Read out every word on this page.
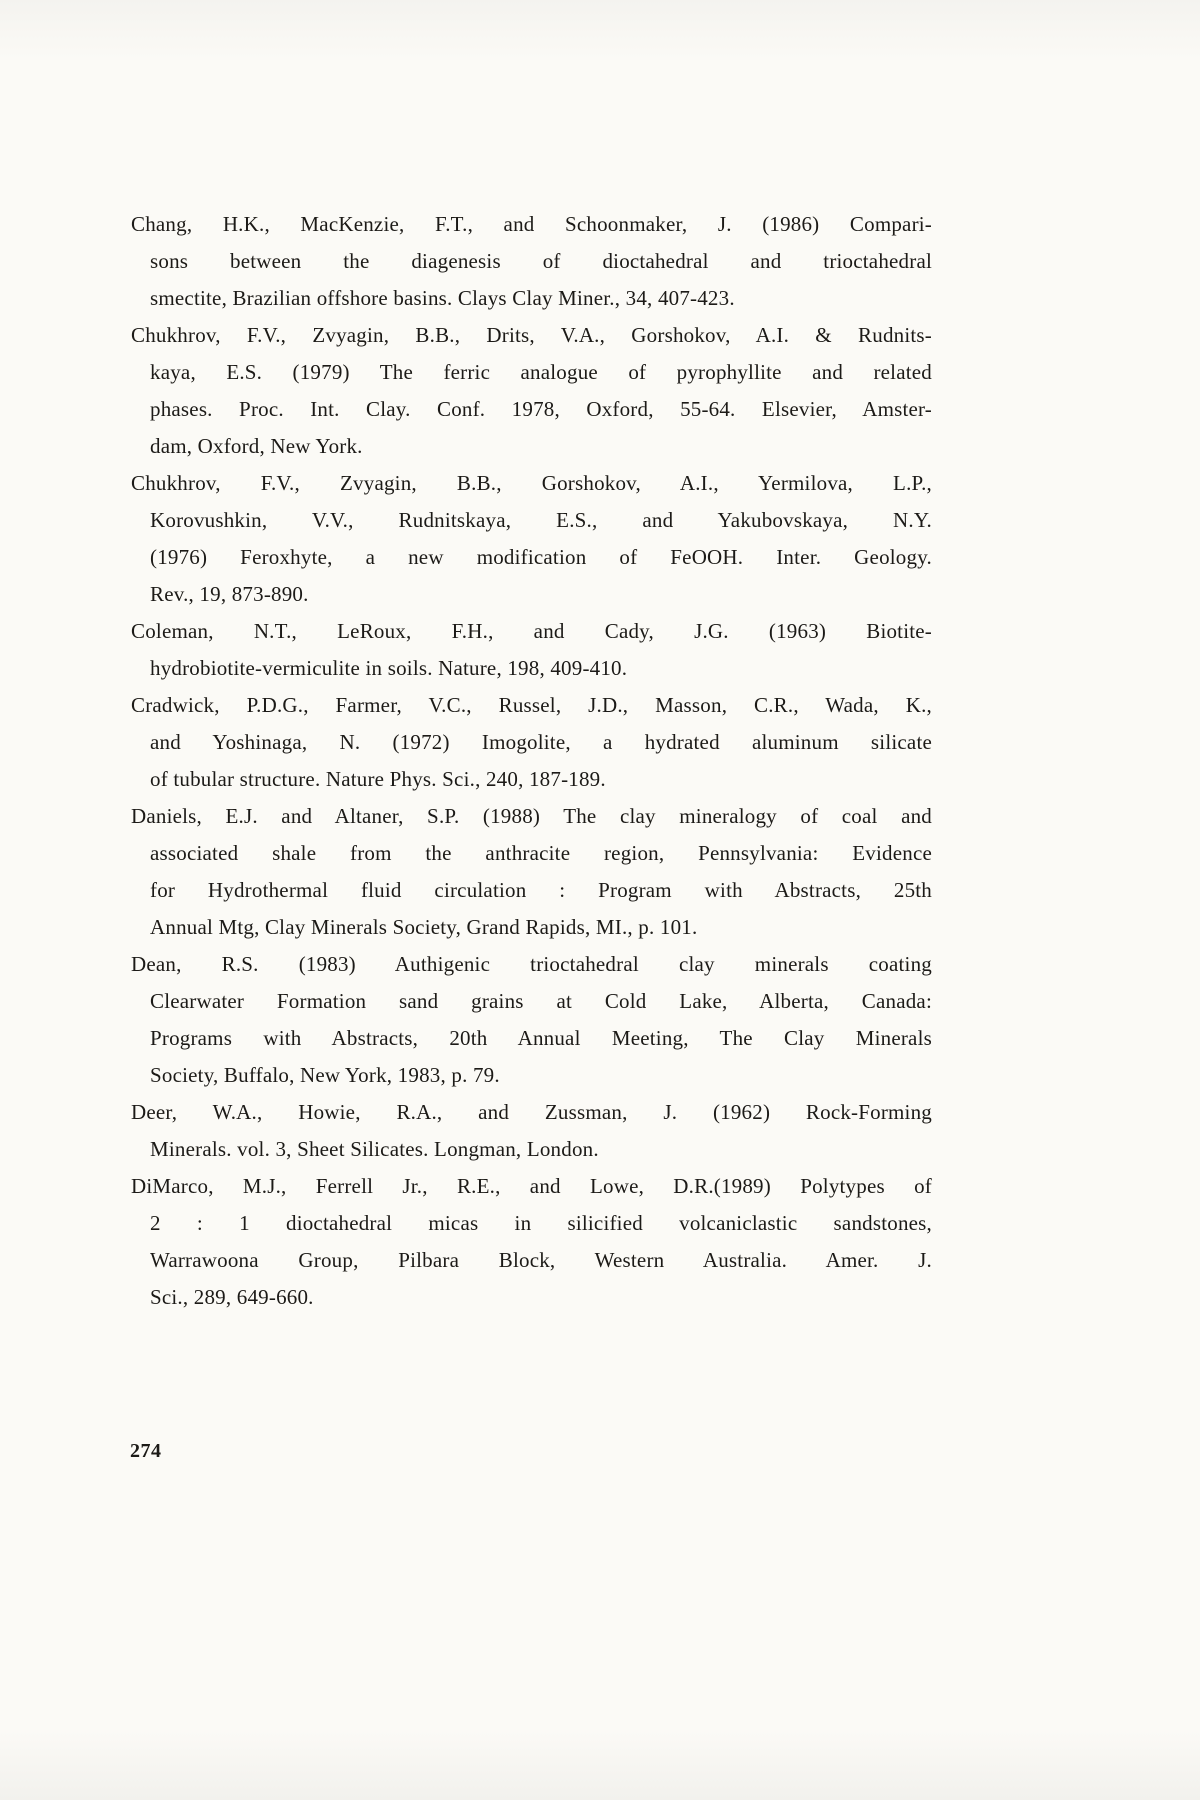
Chang, H.K., MacKenzie, F.T., and Schoonmaker, J. (1986) Compari-
sons between the diagenesis of dioctahedral and trioctahedral
smectite, Brazilian offshore basins. Clays Clay Miner., 34, 407-423.
Chukhrov, F.V., Zvyagin, B.B., Drits, V.A., Gorshokov, A.I. & Rudnits-
kaya, E.S. (1979) The ferric analogue of pyrophyllite and related
phases. Proc. Int. Clay. Conf. 1978, Oxford, 55-64. Elsevier, Amster-
dam, Oxford, New York.
Chukhrov, F.V., Zvyagin, B.B., Gorshokov, A.I., Yermilova, L.P.,
Korovushkin, V.V., Rudnitskaya, E.S., and Yakubovskaya, N.Y.
(1976) Feroxhyte, a new modification of FeOOH. Inter. Geology.
Rev., 19, 873-890.
Coleman, N.T., LeRoux, F.H., and Cady, J.G. (1963) Biotite-
hydrobiotite-vermiculite in soils. Nature, 198, 409-410.
Cradwick, P.D.G., Farmer, V.C., Russel, J.D., Masson, C.R., Wada, K.,
and Yoshinaga, N. (1972) Imogolite, a hydrated aluminum silicate
of tubular structure. Nature Phys. Sci., 240, 187-189.
Daniels, E.J. and Altaner, S.P. (1988) The clay mineralogy of coal and
associated shale from the anthracite region, Pennsylvania: Evidence
for Hydrothermal fluid circulation : Program with Abstracts, 25th
Annual Mtg, Clay Minerals Society, Grand Rapids, MI., p. 101.
Dean, R.S. (1983) Authigenic trioctahedral clay minerals coating
Clearwater Formation sand grains at Cold Lake, Alberta, Canada:
Programs with Abstracts, 20th Annual Meeting, The Clay Minerals
Society, Buffalo, New York, 1983, p. 79.
Deer, W.A., Howie, R.A., and Zussman, J. (1962) Rock-Forming
Minerals. vol. 3, Sheet Silicates. Longman, London.
DiMarco, M.J., Ferrell Jr., R.E., and Lowe, D.R.(1989) Polytypes of
2 : 1 dioctahedral micas in silicified volcaniclastic sandstones,
Warrawoona Group, Pilbara Block, Western Australia. Amer. J.
Sci., 289, 649-660.
274
